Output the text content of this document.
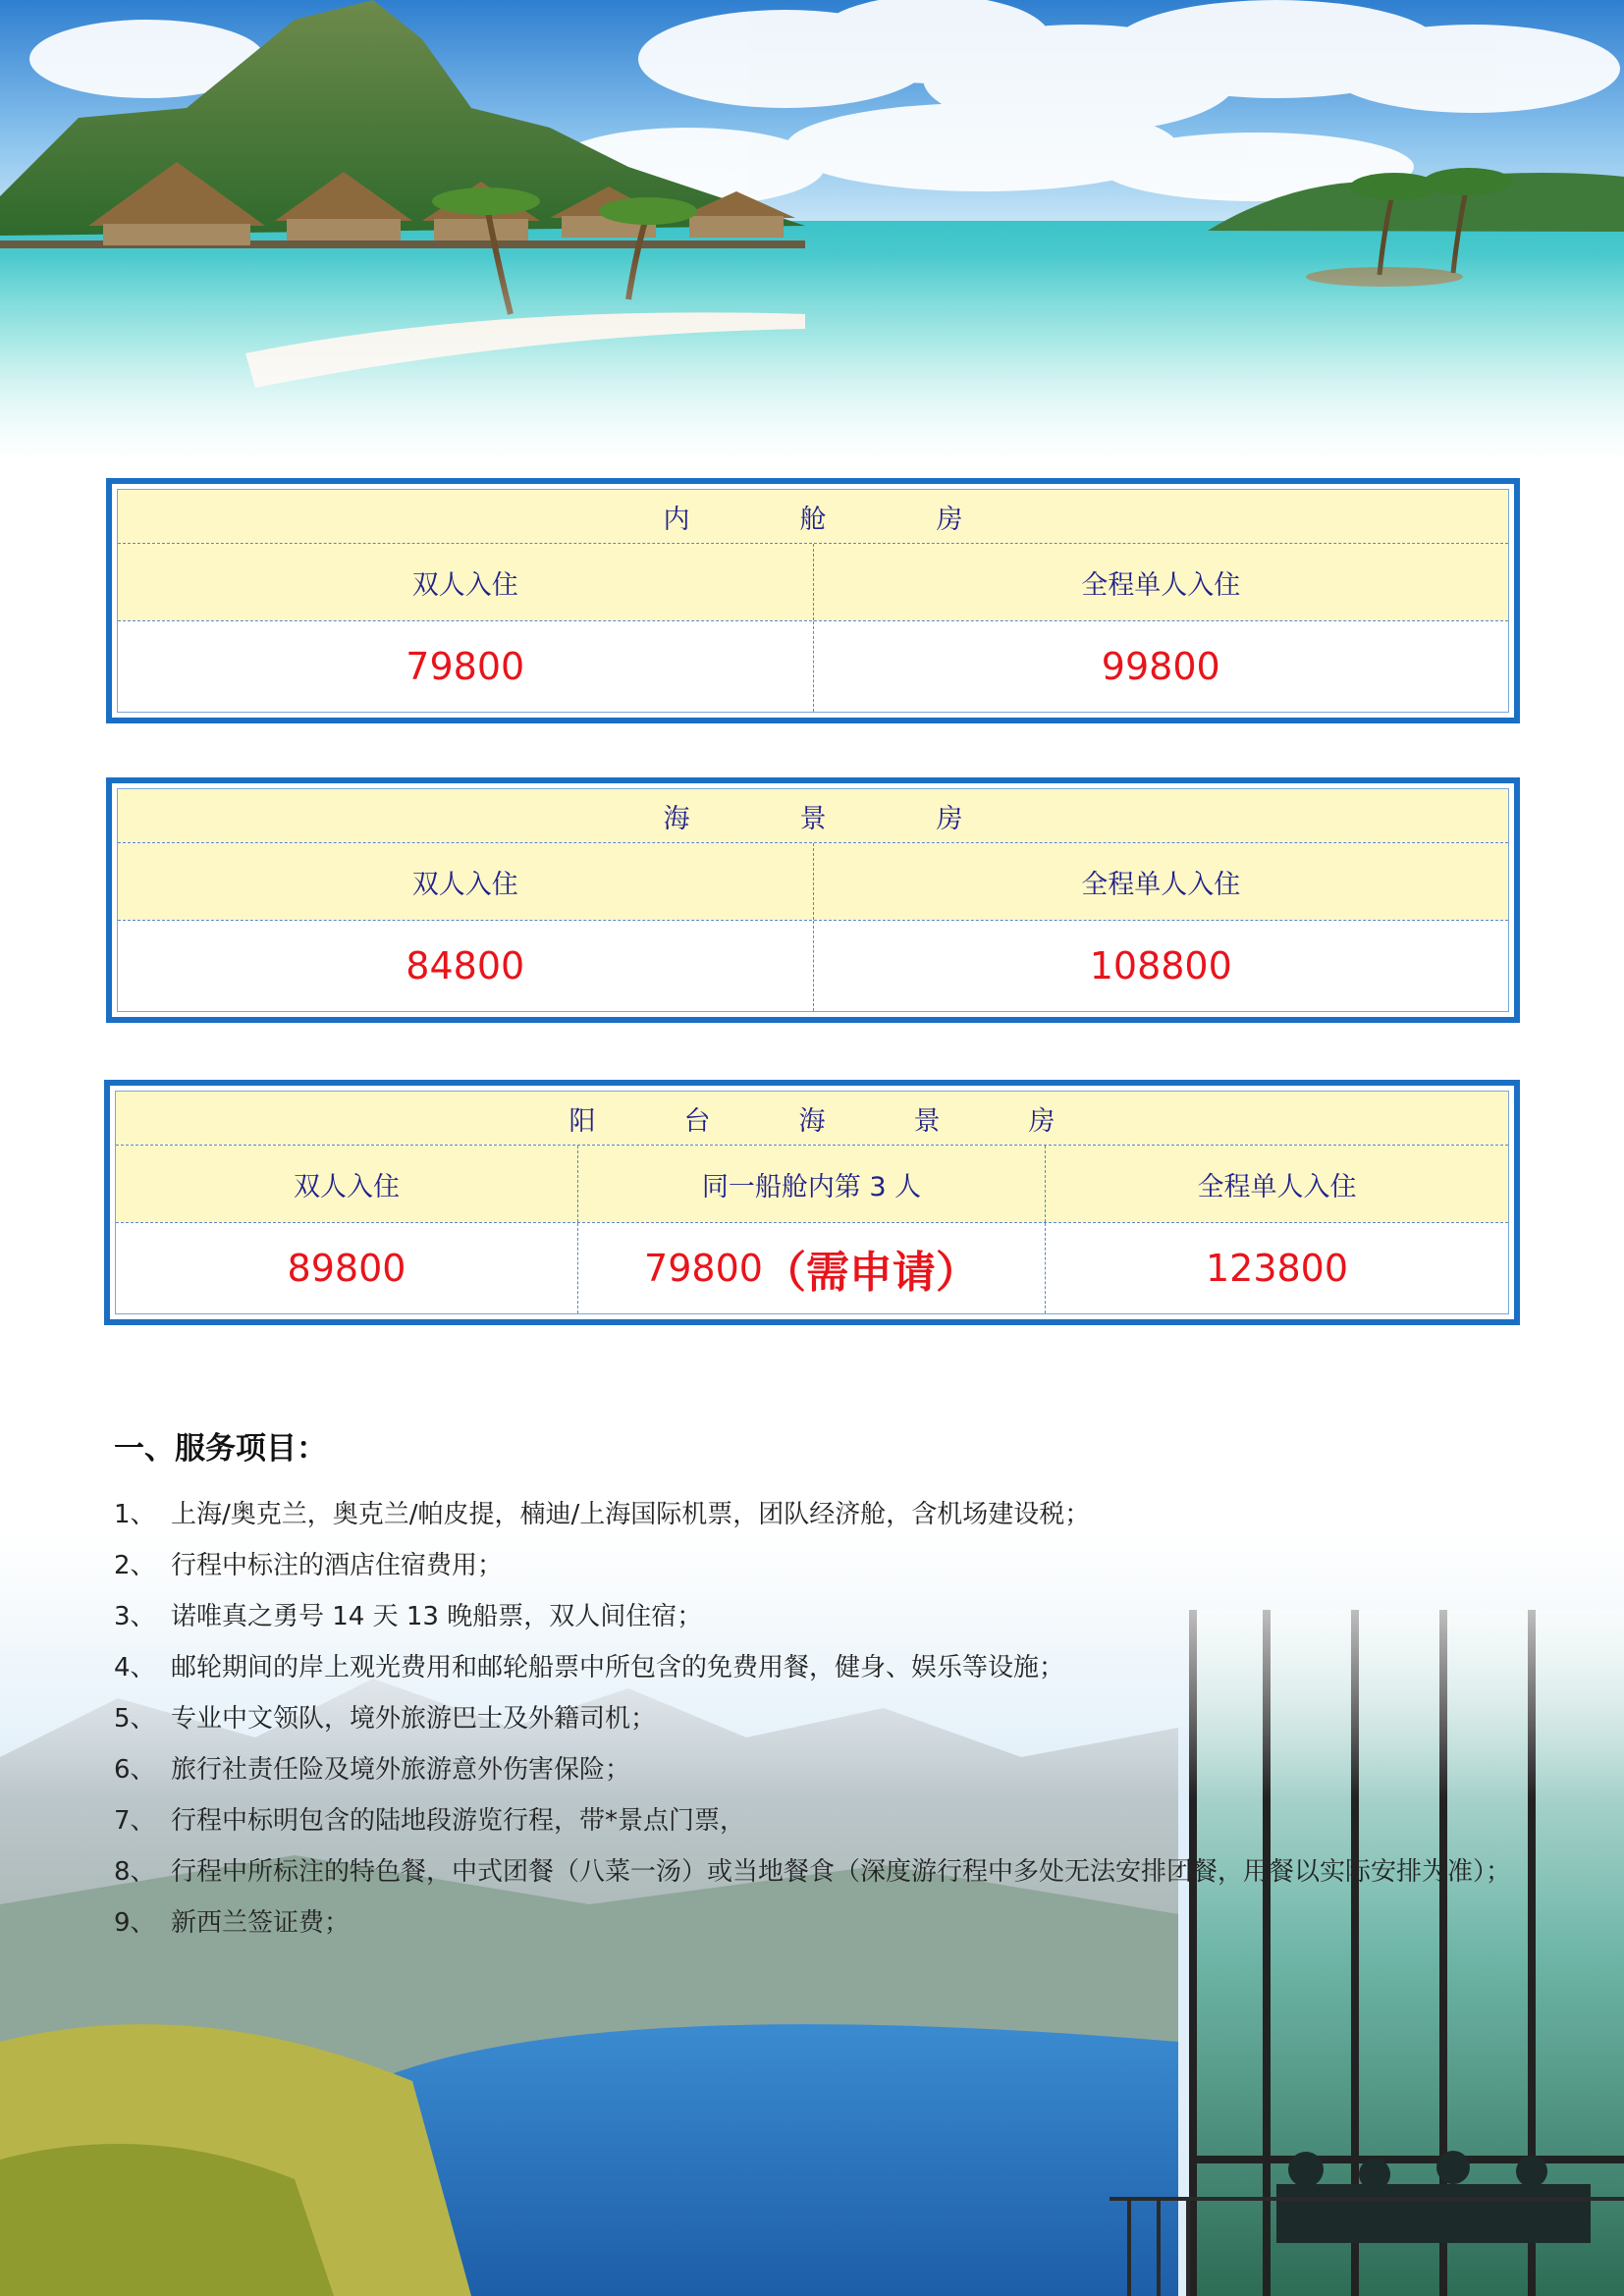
内	舱	房
双人入住	全程单人入住
79800	99800
海	景	房
双人入住	全程单人入住
84800	108800
阳	台	海	景	房
双人入住	同一船舱内第 3 人	全程单人入住
89800	79800 （需申请）	123800
一、服务项目：
1、 上海/奥克兰，奥克兰/帕皮提，楠迪/上海国际机票，团队经济舱，含机场建设税；
2、 行程中标注的酒店住宿费用；
3、 诺唯真之勇号 14 天 13 晚船票，双人间住宿；
4、 邮轮期间的岸上观光费用和邮轮船票中所包含的免费用餐，健身、娱乐等设施；
5、 专业中文领队，境外旅游巴士及外籍司机；
6、 旅行社责任险及境外旅游意外伤害保险；
7、 行程中标明包含的陆地段游览行程，带*景点门票，
8、 行程中所标注的特色餐，中式团餐（八菜一汤）或当地餐食（深度游行程中多处无法安排团餐，用餐以实际安排为准）；
9、 新西兰签证费；
